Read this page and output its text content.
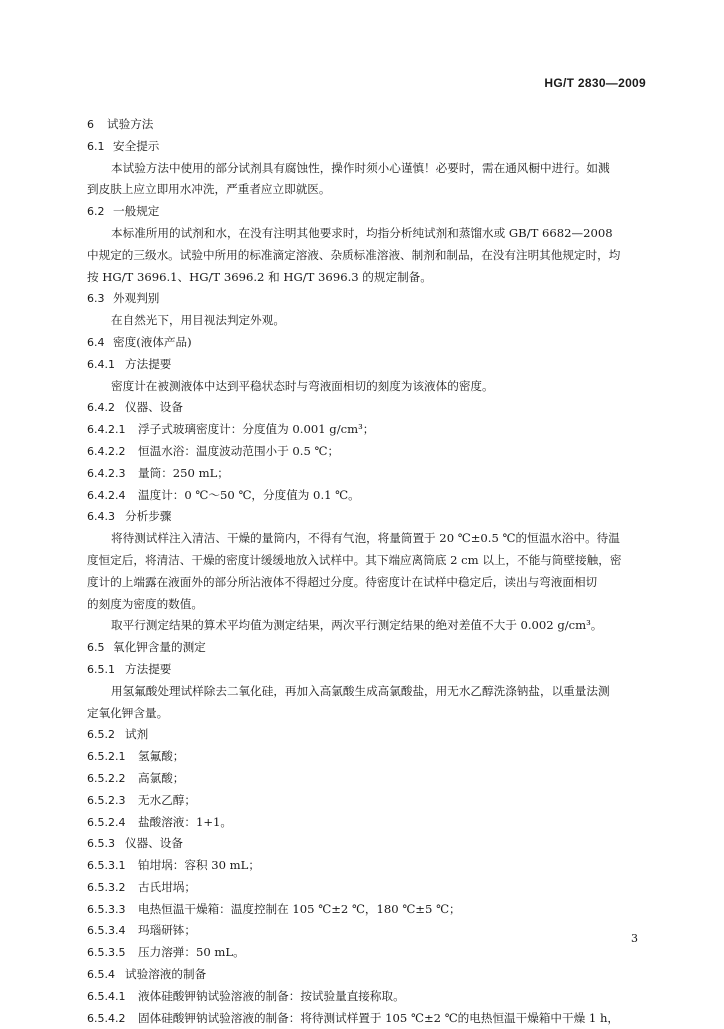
HG/T 2830—2009
6 试验方法
6.1 安全提示
本试验方法中使用的部分试剂具有腐蚀性，操作时须小心谨慎！必要时，需在通风橱中进行。如溅
到皮肤上应立即用水冲洗，严重者应立即就医。
6.2 一般规定
本标准所用的试剂和水，在没有注明其他要求时，均指分析纯试剂和蒸馏水或 GB/T 6682—2008
中规定的三级水。试验中所用的标准滴定溶液、杂质标准溶液、制剂和制品，在没有注明其他规定时，均
按 HG/T 3696.1、HG/T 3696.2 和 HG/T 3696.3 的规定制备。
6.3 外观判别
在自然光下，用目视法判定外观。
6.4 密度(液体产品)
6.4.1 方法提要
密度计在被测液体中达到平稳状态时与弯液面相切的刻度为该液体的密度。
6.4.2 仪器、设备
6.4.2.1 浮子式玻璃密度计：分度值为 0.001 g/cm³；
6.4.2.2 恒温水浴：温度波动范围小于 0.5 ℃；
6.4.2.3 量筒：250 mL；
6.4.2.4 温度计：0 ℃～50 ℃，分度值为 0.1 ℃。
6.4.3 分析步骤
将待测试样注入清洁、干燥的量筒内，不得有气泡，将量筒置于 20 ℃±0.5 ℃的恒温水浴中。待温
度恒定后，将清洁、干燥的密度计缓缓地放入试样中。其下端应离筒底 2 cm 以上，不能与筒壁接触，密
度计的上端露在液面外的部分所沾液体不得超过分度。待密度计在试样中稳定后，读出与弯液面相切
的刻度为密度的数值。
取平行测定结果的算术平均值为测定结果，两次平行测定结果的绝对差值不大于 0.002 g/cm³。
6.5 氧化钾含量的测定
6.5.1 方法提要
用氢氟酸处理试样除去二氧化硅，再加入高氯酸生成高氯酸盐，用无水乙醇洗涤钠盐，以重量法测
定氧化钾含量。
6.5.2 试剂
6.5.2.1 氢氟酸；
6.5.2.2 高氯酸；
6.5.2.3 无水乙醇；
6.5.2.4 盐酸溶液：1+1。
6.5.3 仪器、设备
6.5.3.1 铂坩埚：容积 30 mL；
6.5.3.2 古氏坩埚；
6.5.3.3 电热恒温干燥箱：温度控制在 105 ℃±2 ℃，180 ℃±5 ℃；
6.5.3.4 玛瑙研钵；
6.5.3.5 压力溶弹：50 mL。
6.5.4 试验溶液的制备
6.5.4.1 液体硅酸钾钠试验溶液的制备：按试验量直接称取。
6.5.4.2 固体硅酸钾钠试验溶液的制备：将待测试样置于 105 ℃±2 ℃的电热恒温干燥箱中干燥 1 h，
3
